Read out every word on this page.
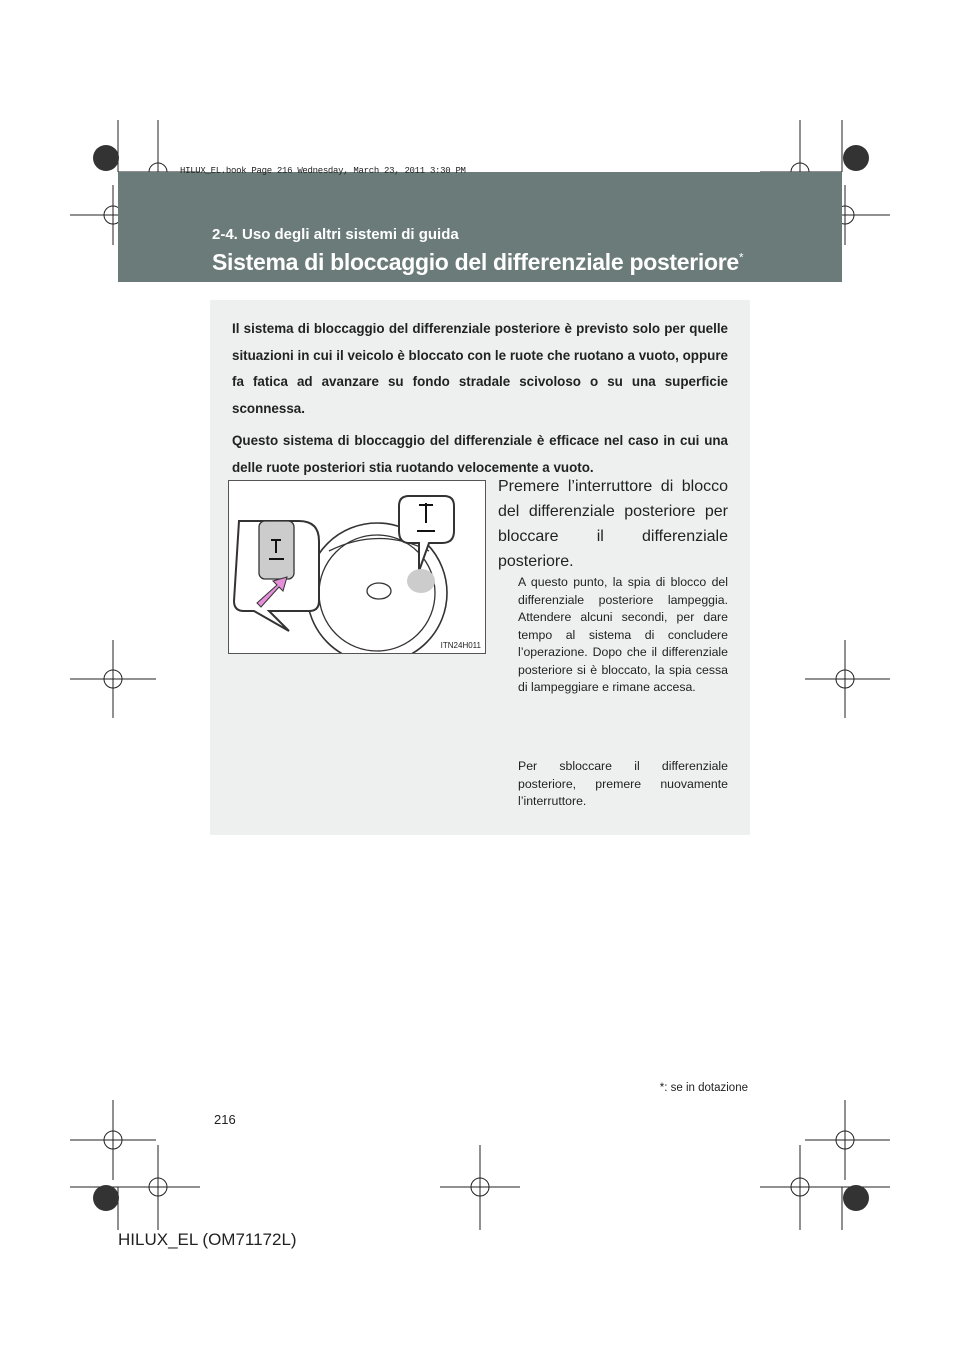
HILUX_EL.book Page 216 Wednesday, March 23, 2011 3:30 PM
2-4. Uso degli altri sistemi di guida
Sistema di bloccaggio del differenziale posteriore*

Il sistema di bloccaggio del differenziale posteriore è previsto solo per quelle situazioni in cui il veicolo è bloccato con le ruote che ruotano a vuoto, oppure fa fatica ad avanzare su fondo stradale scivoloso o su una superficie sconnessa.

Questo sistema di bloccaggio del differenziale è efficace nel caso in cui una delle ruote posteriori stia ruotando velocemente a vuoto.

ITN24H011
Premere l’interruttore di blocco del differenziale posteriore per bloccare il differenziale posteriore.
A questo punto, la spia di blocco del differenziale posteriore lampeggia. Attendere alcuni secondi, per dare tempo al sistema di concludere l’operazione. Dopo che il differenziale posteriore si è bloccato, la spia cessa di lampeggiare e rimane accesa.
Per sbloccare il differenziale posteriore, premere nuovamente l’interruttore.
*: se in dotazione
216
HILUX_EL (OM71172L)
